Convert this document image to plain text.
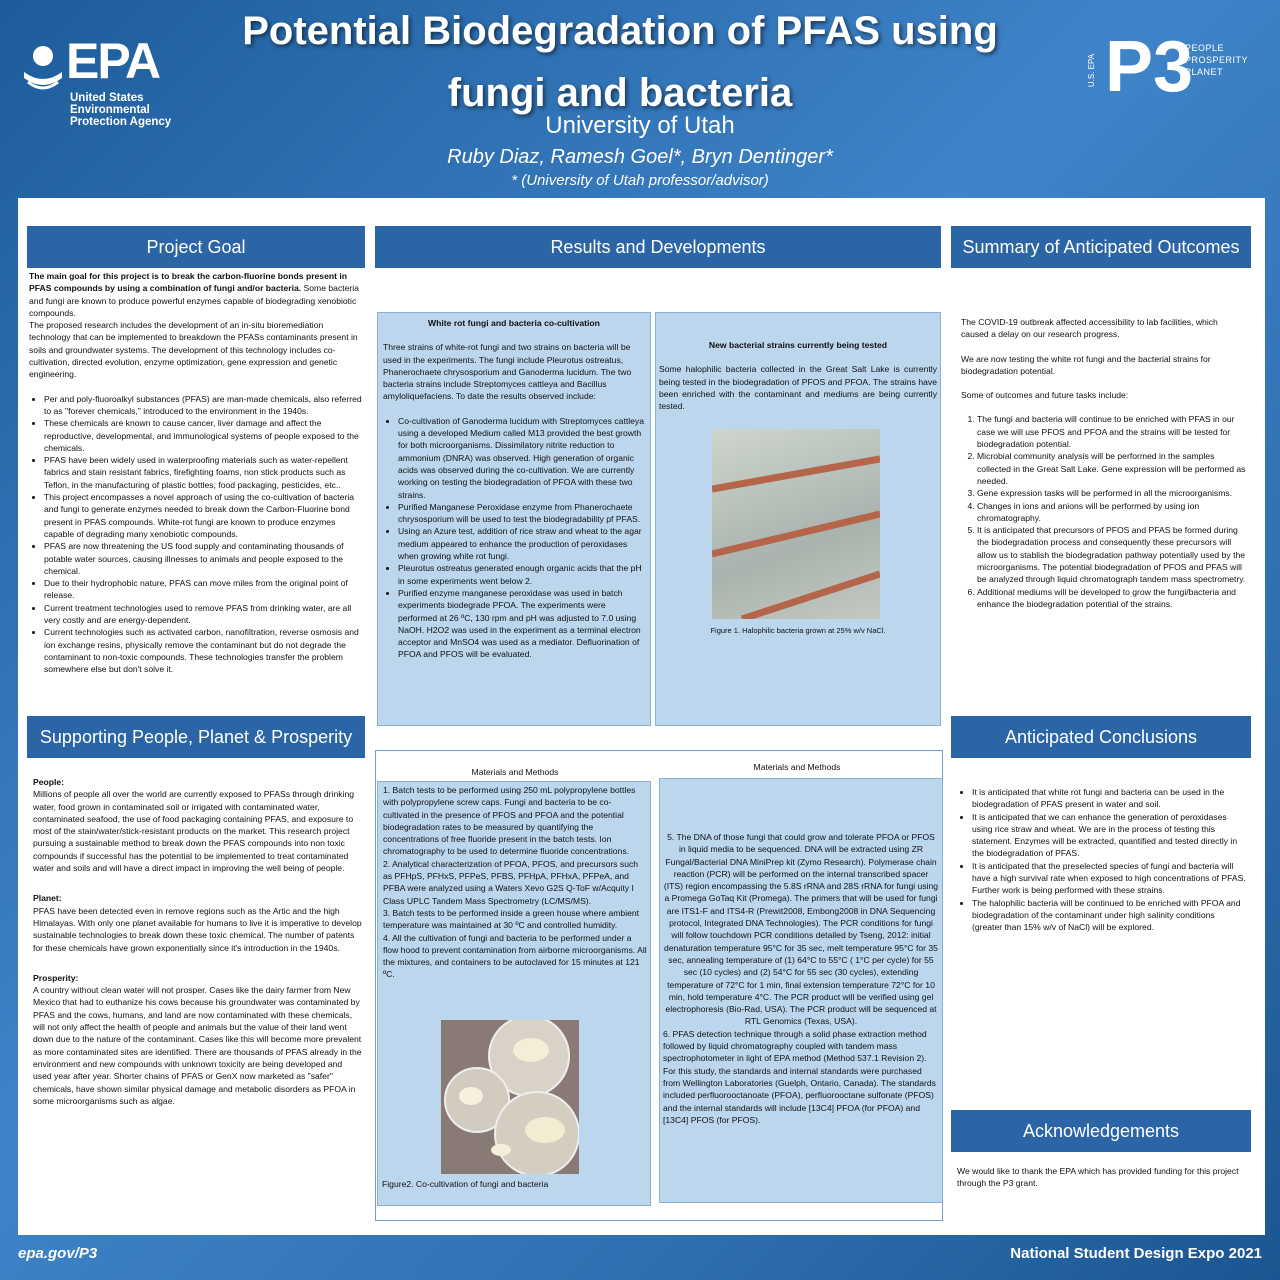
EPA
United States
Environmental
Protection Agency
Potential Biodegradation of PFAS using
fungi and bacteria
University of Utah
Ruby Diaz, Ramesh Goel*, Bryn Dentinger*
* (University of Utah professor/advisor)
U.S. EPA P3
PEOPLE
PROSPERITY
PLANET
Project Goal

The main goal for this project is to break the carbon-fluorine bonds present in PFAS compounds by using a combination of fungi and/or bacteria. Some bacteria and fungi are known to produce powerful enzymes capable of biodegrading xenobiotic compounds.

The proposed research includes the development of an in-situ bioremediation technology that can be implemented to breakdown the PFASs contaminants present in soils and groundwater systems. The development of this technology includes co-cultivation, directed evolution, enzyme optimization, gene expression and genetic engineering.

• Per and poly-fluoroalkyl substances (PFAS) are man-made chemicals, also referred to as "forever chemicals," introduced to the environment in the 1940s.
• These chemicals are known to cause cancer, liver damage and affect the reproductive, developmental, and immunological systems of people exposed to the chemicals.
• PFAS have been widely used in waterproofing materials such as water-repellent fabrics and stain resistant fabrics, firefighting foams, non stick products such as Teflon, in the manufacturing of plastic bottles, food packaging, pesticides, etc..
• This project encompasses a novel approach of using the co-cultivation of bacteria and fungi to generate enzymes needed to break down the Carbon-Fluorine bond present in PFAS compounds. White-rot fungi are known to produce enzymes capable of degrading many xenobiotic compounds.
• PFAS are now threatening the US food supply and contaminating thousands of potable water sources, causing illnesses to animals and people exposed to the chemical.
• Due to their hydrophobic nature, PFAS can move miles from the original point of release.
• Current treatment technologies used to remove PFAS from drinking water, are all very costly and are energy-dependent.
• Current technologies such as activated carbon, nanofiltration, reverse osmosis and ion exchange resins, physically remove the contaminant but do not degrade the contaminant to non-toxic compounds. These technologies transfer the problem somewhere else but don't solve it.
Supporting People, Planet & Prosperity
People:

Millions of people all over the world are currently exposed to PFASs through drinking water, food grown in contaminated soil or irrigated with contaminated water, contaminated seafood, the use of food packaging containing PFAS, and exposure to most of the stain/water/stick-resistant products on the market. This research project pursuing a sustainable method to break down the PFAS compounds into non toxic compounds if successful has the potential to be implemented to treat contaminated water and soils and will have a direct impact in improving the well being of people.

Planet:

PFAS have been detected even in remove regions such as the Artic and the high Himalayas. With only one planet available for humans to live it is imperative to develop sustainable technologies to break down these toxic chemical. The number of patents for these chemicals have grown exponentially since it's introduction in the 1940s.

Prosperity:

A country without clean water will not prosper. Cases like the dairy farmer from New Mexico that had to euthanize his cows because his groundwater was contaminated by PFAS and the cows, humans, and land are now contaminated with these chemicals, will not only affect the health of people and animals but the value of their land went down due to the nature of the contaminant. Cases like this will become more prevalent as more contaminated sites are identified. There are thousands of PFAS already in the environment and new compounds with unknown toxicity are being developed and used year after year. Shorter chains of PFAS or GenX now marketed as "safer" chemicals, have shown similar physical damage and metabolic disorders as PFOA in some microorganisms such as algae.

Results and Developments
White rot fungi and bacteria co-cultivation

Three strains of white-rot fungi and two strains on bacteria will be used in the experiments. The fungi include Pleurotus ostreatus, Phanerochaete chrysosporium and Ganoderma lucidum. The two bacteria strains include Streptomyces cattleya and Bacillus amyloliquefaciens. To date the results observed include:

• Co-cultivation of Ganoderma lucidum with Streptomyces cattleya using a developed Medium called M13 provided the best growth for both microorganisms. Dissimilatory nitrite reduction to ammonium (DNRA) was observed. High generation of organic acids was observed during the co-cultivation. We are currently working on testing the biodegradation of PFOA with these two strains.
• Purified Manganese Peroxidase enzyme from Phanerochaete chrysosporium will be used to test the biodegradability pf PFAS.
• Using an Azure test, addition of rice straw and wheat to the agar medium appeared to enhance the production of peroxidases when growing white rot fungi.
• Pleurotus ostreatus generated enough organic acids that the pH in some experiments went below 2.
• Purified enzyme manganese peroxidase was used in batch experiments biodegrade PFOA. The experiments were performed at 26 ºC, 130 rpm and pH was adjusted to 7.0 using NaOH. H2O2 was used in the experiment as a terminal electron acceptor and MnSO4 was used as a mediator. Defluorination of PFOA and PFOS will be evaluated.
New bacterial strains currently being tested

Some halophilic bacteria collected in the Great Salt Lake is currently being tested in the biodegradation of PFOS and PFOA. The strains have been enriched with the contaminant and mediums are being currently tested.

Figure 1. Halophilic bacteria grown at 25% w/v NaCl.
Materials and Methods
1. Batch tests to be performed using 250 mL polypropylene bottles with polypropylene screw caps. Fungi and bacteria to be co-cultivated in the presence of PFOS and PFOA and the potential biodegradation rates to be measured by quantifying the concentrations of free fluoride present in the batch tests. Ion chromatography to be used to determine fluoride concentrations.
2. Analytical characterization of PFOA, PFOS, and precursors such as PFHpS, PFHxS, PFPeS, PFBS, PFHpA, PFHxA, PFPeA, and PFBA were analyzed using a Waters Xevo G2S Q-ToF w/Acquity I Class UPLC Tandem Mass Spectrometry (LC/MS/MS).
3. Batch tests to be performed inside a green house where ambient temperature was maintained at 30 ºC and controlled humidity.
4. All the cultivation of fungi and bacteria to be performed under a flow hood to prevent contamination from airborne microorganisms. All the mixtures, and containers to be autoclaved for 15 minutes at 121 ºC.
Figure2. Co-cultivation of fungi and bacteria
Materials and Methods
5. The DNA of those fungi that could grow and tolerate PFOA or PFOS in liquid media to be sequenced. DNA will be extracted using ZR Fungal/Bacterial DNA MiniPrep kit (Zymo Research). Polymerase chain reaction (PCR) will be performed on the internal transcribed spacer (ITS) region encompassing the 5.8S rRNA and 28S rRNA for fungi using a Promega GoTaq Kit (Promega). The primers that will be used for fungi are ITS1-F and ITS4-R (Prewit2008, Embong2008 in DNA Sequencing protocol, Integrated DNA Technologies). The PCR conditions for fungi will follow touchdown PCR conditions detailed by Tseng, 2012: initial denaturation temperature 95°C for 35 sec, melt temperature 95°C for 35 sec, annealing temperature of (1) 64°C to 55°C ( 1°C per cycle) for 55 sec (10 cycles) and (2) 54°C for 55 sec (30 cycles), extending temperature of 72°C for 1 min, final extension temperature 72°C for 10 min, hold temperature 4°C. The PCR product will be verified using gel electrophoresis (Bio-Rad, USA). The PCR product will be sequenced at RTL Genomics (Texas, USA).
6. PFAS detection technique through a solid phase extraction method followed by liquid chromatography coupled with tandem mass spectrophotometer in light of EPA method (Method 537.1 Revision 2). For this study, the standards and internal standards were purchased from Wellington Laboratories (Guelph, Ontario, Canada). The standards included perfluorooctanoate (PFOA), perfluorooctane sulfonate (PFOS) and the internal standards will include [13C4] PFOA (for PFOA) and [13C4] PFOS (for PFOS).
Summary of Anticipated Outcomes

The COVID-19 outbreak affected accessibility to lab facilities, which caused a delay on our research progress.

We are now testing the white rot fungi and the bacterial strains for biodegradation potential.

Some of outcomes and future tasks include:

1. The fungi and bacteria will continue to be enriched with PFAS in our case we will use PFOS and PFOA and the strains will be tested for biodegradation potential.
2. Microbial community analysis will be performed in the samples collected in the Great Salt Lake. Gene expression will be performed as needed.
3. Gene expression tasks will be performed in all the microorganisms.
4. Changes in ions and anions will be performed by using ion chromatography.
5. It is anticipated that precursors of PFOS and PFAS be formed during the biodegradation process and consequently these precursors will allow us to stablish the biodegradation pathway potentially used by the microorganisms. The potential biodegradation of PFOS and PFAS will be analyzed through liquid chromatograph tandem mass spectrometry.
6. Additional mediums will be developed to grow the fungi/bacteria and enhance the biodegradation potential of the strains.
Anticipated Conclusions
• It is anticipated that white rot fungi and bacteria can be used in the biodegradation of PFAS present in water and soil.
• It is anticipated that we can enhance the generation of peroxidases using rice straw and wheat. We are in the process of testing this statement. Enzymes will be extracted, quantified and tested directly in the biodegradation of PFAS.
• It is anticipated that the preselected species of fungi and bacteria will have a high survival rate when exposed to high concentrations of PFAS. Further work is being performed with these strains.
• The halophilic bacteria will be continued to be enriched with PFOA and biodegradation of the contaminant under high salinity conditions (greater than 15% w/v of NaCl) will be explored.
Acknowledgements
We would like to thank the EPA which has provided funding for this project through the P3 grant.
epa.gov/P3	National Student Design Expo 2021
